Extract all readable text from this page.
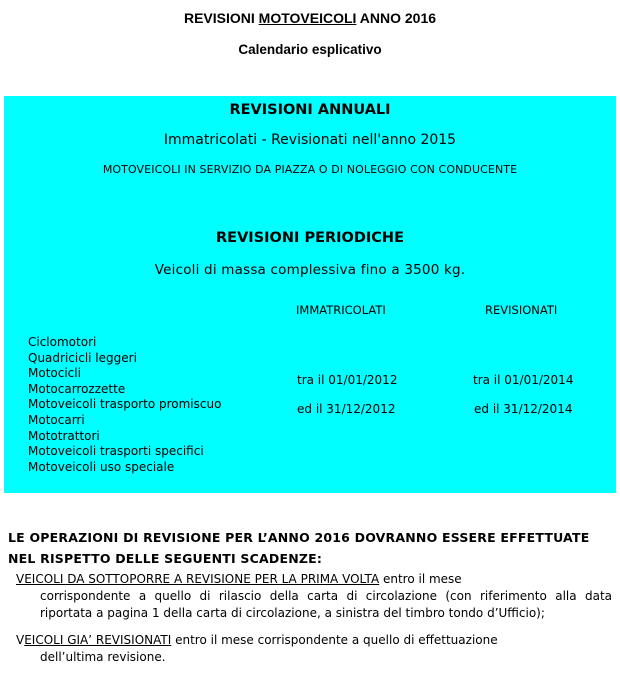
REVISIONI MOTOVEICOLI ANNO 2016
Calendario esplicativo
REVISIONI ANNUALI
Immatricolati - Revisionati nell'anno 2015
MOTOVEICOLI IN SERVIZIO DA PIAZZA O DI NOLEGGIO CON CONDUCENTE
REVISIONI PERIODICHE
Veicoli di massa complessiva fino a 3500 kg.
IMMATRICOLATI	REVISIONATI
Ciclomotori
Quadricicli leggeri
Motocicli
Motocarrozzette
Motoveicoli trasporto promiscuo
Motocarri
Mototrattori
Motoveicoli trasporti specifici
Motoveicoli uso speciale
tra il 01/01/2012
ed il 31/12/2012
tra il 01/01/2014
ed il 31/12/2014
LE OPERAZIONI DI REVISIONE PER L’ANNO 2016 DOVRANNO ESSERE EFFETTUATE
NEL RISPETTO DELLE SEGUENTI SCADENZE:
VEICOLI DA SOTTOPORRE A REVISIONE PER LA PRIMA VOLTA entro il mese
corrispondente a quello di rilascio della carta di circolazione (con riferimento alla data riportata a pagina 1 della carta di circolazione, a sinistra del timbro tondo d’Ufficio);
VEICOLI GIA’ REVISIONATI entro il mese corrispondente a quello di effettuazione
dell’ultima revisione.
